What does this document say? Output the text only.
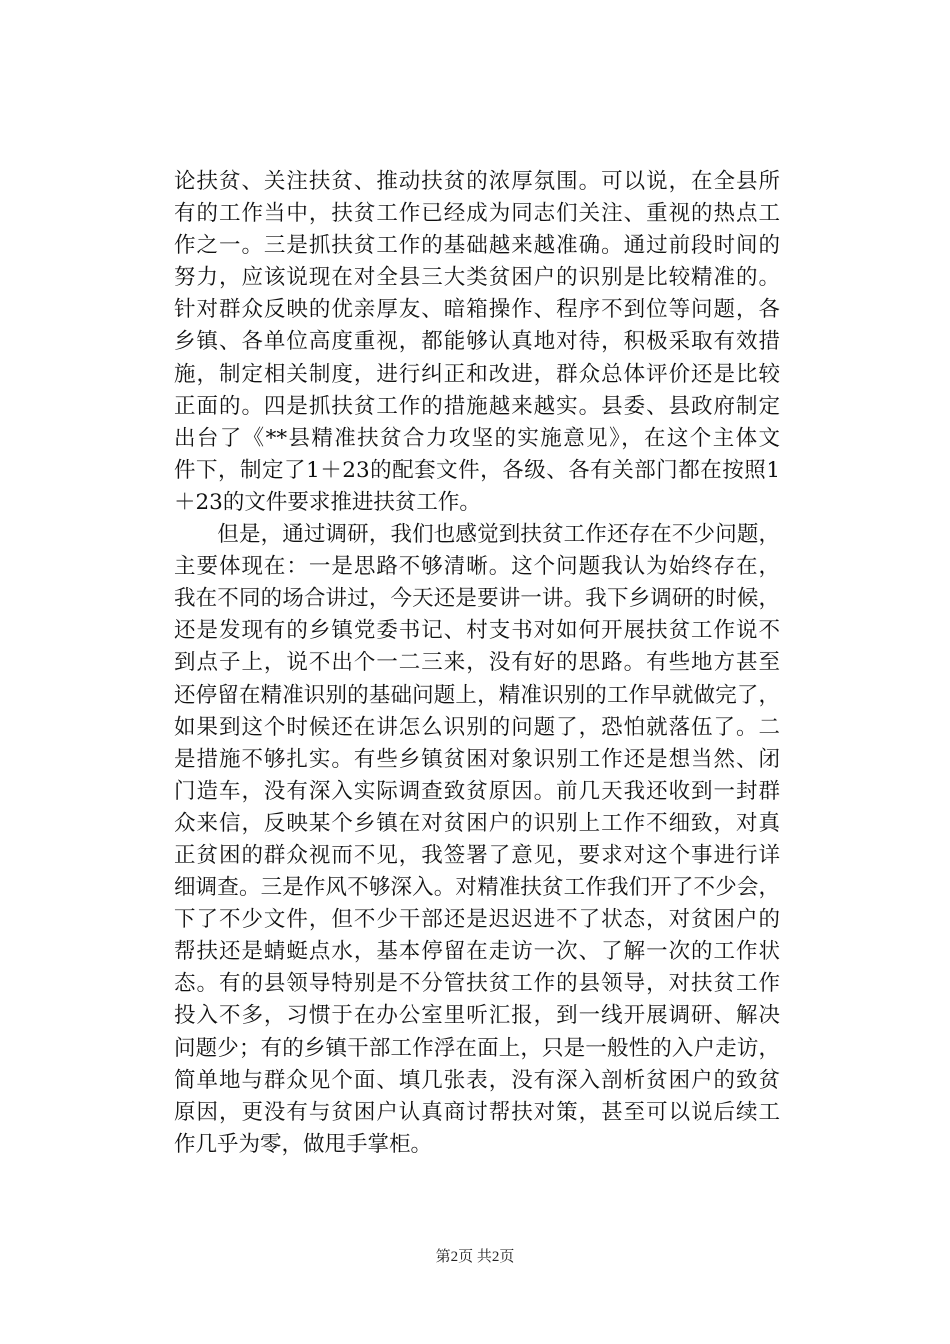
论扶贫、关注扶贫、推动扶贫的浓厚氛围。可以说，在全县所
有的工作当中，扶贫工作已经成为同志们关注、重视的热点工
作之一。三是抓扶贫工作的基础越来越准确。通过前段时间的
努力，应该说现在对全县三大类贫困户的识别是比较精准的。
针对群众反映的优亲厚友、暗箱操作、程序不到位等问题，各
乡镇、各单位高度重视，都能够认真地对待，积极采取有效措
施，制定相关制度，进行纠正和改进，群众总体评价还是比较
正面的。四是抓扶贫工作的措施越来越实。县委、县政府制定
出台了《**县精准扶贫合力攻坚的实施意见》，在这个主体文
件下，制定了1＋23的配套文件，各级、各有关部门都在按照1
＋23的文件要求推进扶贫工作。
　　但是，通过调研，我们也感觉到扶贫工作还存在不少问题，
主要体现在：一是思路不够清晰。这个问题我认为始终存在，
我在不同的场合讲过，今天还是要讲一讲。我下乡调研的时候，
还是发现有的乡镇党委书记、村支书对如何开展扶贫工作说不
到点子上，说不出个一二三来，没有好的思路。有些地方甚至
还停留在精准识别的基础问题上，精准识别的工作早就做完了，
如果到这个时候还在讲怎么识别的问题了，恐怕就落伍了。二
是措施不够扎实。有些乡镇贫困对象识别工作还是想当然、闭
门造车，没有深入实际调查致贫原因。前几天我还收到一封群
众来信，反映某个乡镇在对贫困户的识别上工作不细致，对真
正贫困的群众视而不见，我签署了意见，要求对这个事进行详
细调查。三是作风不够深入。对精准扶贫工作我们开了不少会，
下了不少文件，但不少干部还是迟迟进不了状态，对贫困户的
帮扶还是蜻蜓点水，基本停留在走访一次、了解一次的工作状
态。有的县领导特别是不分管扶贫工作的县领导，对扶贫工作
投入不多，习惯于在办公室里听汇报，到一线开展调研、解决
问题少；有的乡镇干部工作浮在面上，只是一般性的入户走访，
简单地与群众见个面、填几张表，没有深入剖析贫困户的致贫
原因，更没有与贫困户认真商讨帮扶对策，甚至可以说后续工
作几乎为零，做甩手掌柜。
第2页 共2页
